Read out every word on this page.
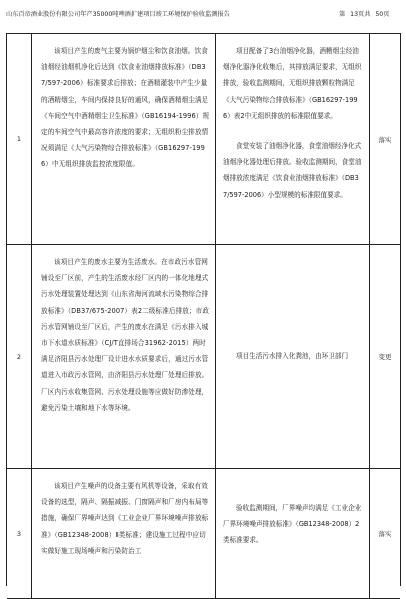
山东百帝酒业股份有限公司年产35000吨啤酒扩建项目竣工环境保护验收监测报告	第 13页共 50页
1
该项目产生的废气主要为锅炉烟尘和饮食油烟。饮食油烟经油烟机净化后达到《饮食业油烟排放标准》（DB37/597-2006）标准要求后排放；在酒精灌装中产生少量的酒精烟尘，车间内保持良好的通风，确保酒精烟尘满足《车间空气中酒精烟尘卫生标准》（GB16194-1996）规定的车间空气中最高容许浓度的要求；无组织粉尘排放情况须满足《大气污染物综合排放标准》（GB16297-1996）中无组织排放监控浓度限值。
项目配备了3台油烟净化器，酒糟烟尘经油烟净化器净化收集后，其排放满足要求，无组织排放，验收监测期间，无组织排放颗粒物满足《大气污染物综合排放标准》（GB16297-1996）表2中无组织排放的标准限值要求。
食堂安装了油烟净化器，食堂油烟经净化式油烟净化器处理后排放。验收监测期间，食堂油烟排放浓度满足《饮食业油烟排放标准》（DB37/597-2006）小型规模的标准限值要求。
落实
2
该项目产生的废水主要为生活废水。在市政污水管网铺设至厂区前，产生的生活废水经厂区内的一体化地埋式污水处理装置处理达到《山东省海河流域水污染物综合排放标准》（DB37/675-2007）表2二级标准后排放；市政污水管网铺设至厂区后，产生的废水在满足《污水排入城市下水道水质标准》（CJ/T直排场合31962-2015）两时满足济阳县污水处理厂设计进水水质要求后，通过污水管道进入市政污水管网，由济阳县污水处理厂处理后排放。厂区内污水收集管网、污水处理设施等应做好防渗处理，避免污染土壤和地下水等环境。
项目生活污水排入化粪池，由环卫部门	变更
3
该项目产生噪声的设备主要有风机等设备，采取有效设备的选型，隔声、隔振减振、门窗隔声和厂房内布局等措施，确保厂界噪声达到《工业企业厂界环境噪声排放标准》（GB12348-2008）Ⅱ类标准；建设施工过程中应切实做好施工现场噪声和污染防治工
验收监测期间，厂界噪声均满足《工业企业厂界环境噪声排放标准》（GB12348-2008）2类标准要求。
落实
